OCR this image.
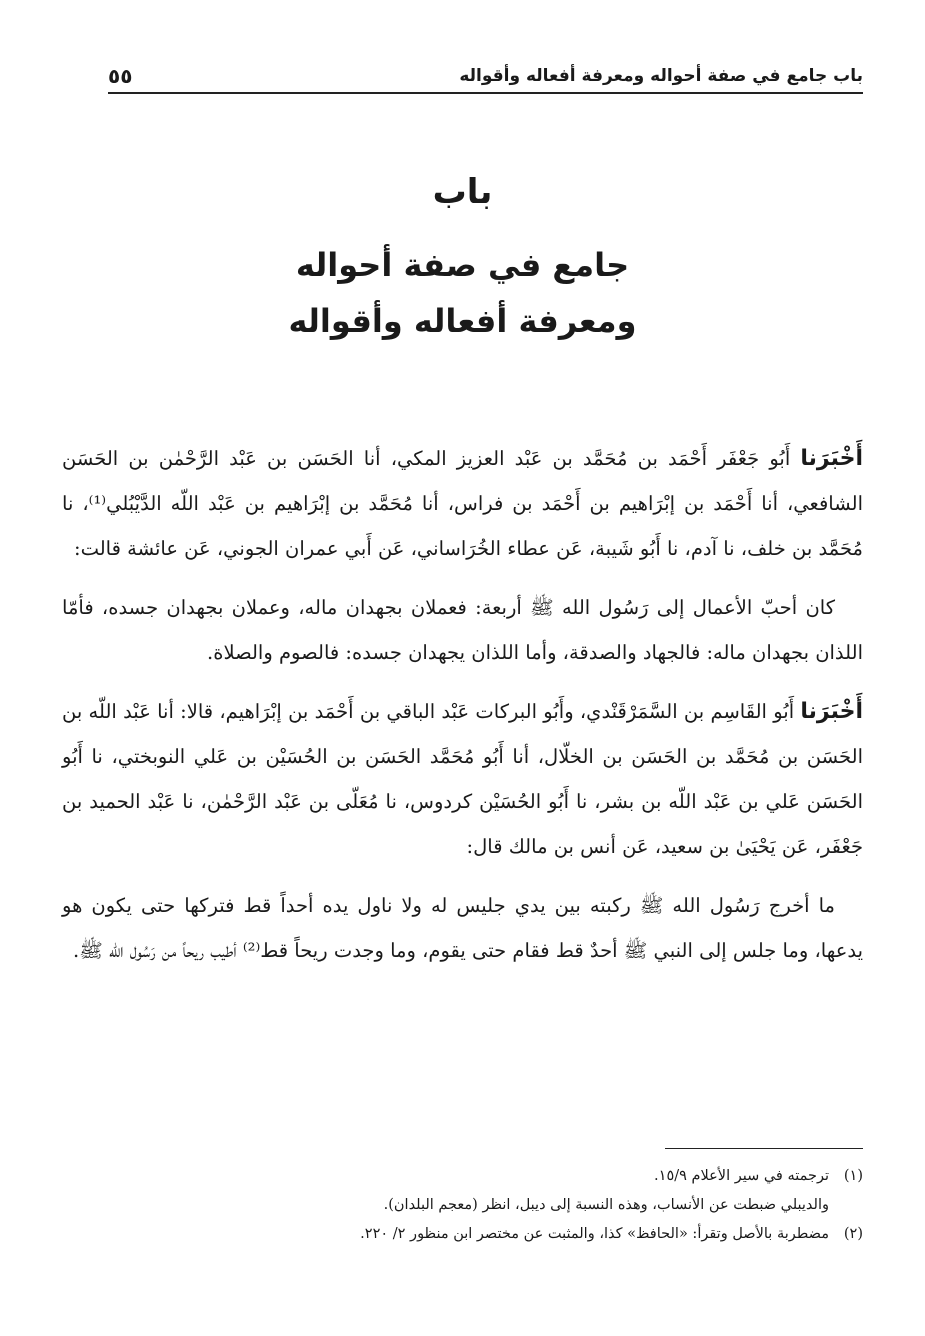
باب جامع في صفة أحواله ومعرفة أفعاله وأقواله
٥٥
باب
جامع في صفة أحواله
ومعرفة أفعاله وأقواله

أَخْبَرَنا أَبُو جَعْفَر أَحْمَد بن مُحَمَّد بن عَبْد العزيز المكي، أنا الحَسَن بن عَبْد الرَّحْمٰن بن الحَسَن الشافعي، أنا أَحْمَد بن إبْرَاهيم بن أَحْمَد بن فراس، أنا مُحَمَّد بن إبْرَاهيم بن عَبْد اللّه الدَّيْبُلي⁽¹⁾، نا مُحَمَّد بن خلف، نا آدم، نا أَبُو شَيبة، عَن عطاء الخُرَاساني، عَن أَبي عمران الجوني، عَن عائشة قالت:

كان أحبّ الأعمال إلى رَسُول الله ﷺ أربعة: فعملان بجهدان ماله، وعملان بجهدان جسده، فأمّا اللذان بجهدان ماله: فالجهاد والصدقة، وأما اللذان يجهدان جسده: فالصوم والصلاة.

أَخْبَرَنا أَبُو القَاسِم بن السَّمَرْقَنْدي، وأَبُو البركات عَبْد الباقي بن أَحْمَد بن إبْرَاهيم، قالا: أنا عَبْد اللّه بن الحَسَن بن مُحَمَّد بن الحَسَن بن الخلّال، أنا أَبُو مُحَمَّد الحَسَن بن الحُسَيْن بن عَلي النوبختي، نا أَبُو الحَسَن عَلي بن عَبْد اللّه بن بشر، نا أَبُو الحُسَيْن كردوس، نا مُعَلّى بن عَبْد الرَّحْمٰن، نا عَبْد الحميد بن جَعْفَر، عَن يَحْيَىٰ بن سعيد، عَن أنس بن مالك قال:

ما أخرج رَسُول الله ﷺ ركبته بين يدي جليس له ولا ناول يده أحداً قط فتركها حتى يكون هو يدعها، وما جلس إلى النبي ﷺ أحدٌ قط فقام حتى يقوم، وما وجدت ريحاً قط⁽²⁾ أطيب ريحاً من رَسُول الله ﷺ.

(١)
ترجمته في سير الأعلام ١٥/٩.
والديبلي ضبطت عن الأنساب، وهذه النسبة إلى ديبل، انظر (معجم البلدان).
(٢)
مضطربة بالأصل وتقرأ: «الحافظ» كذا، والمثبت عن مختصر ابن منظور ٢/ ٢٢٠.
